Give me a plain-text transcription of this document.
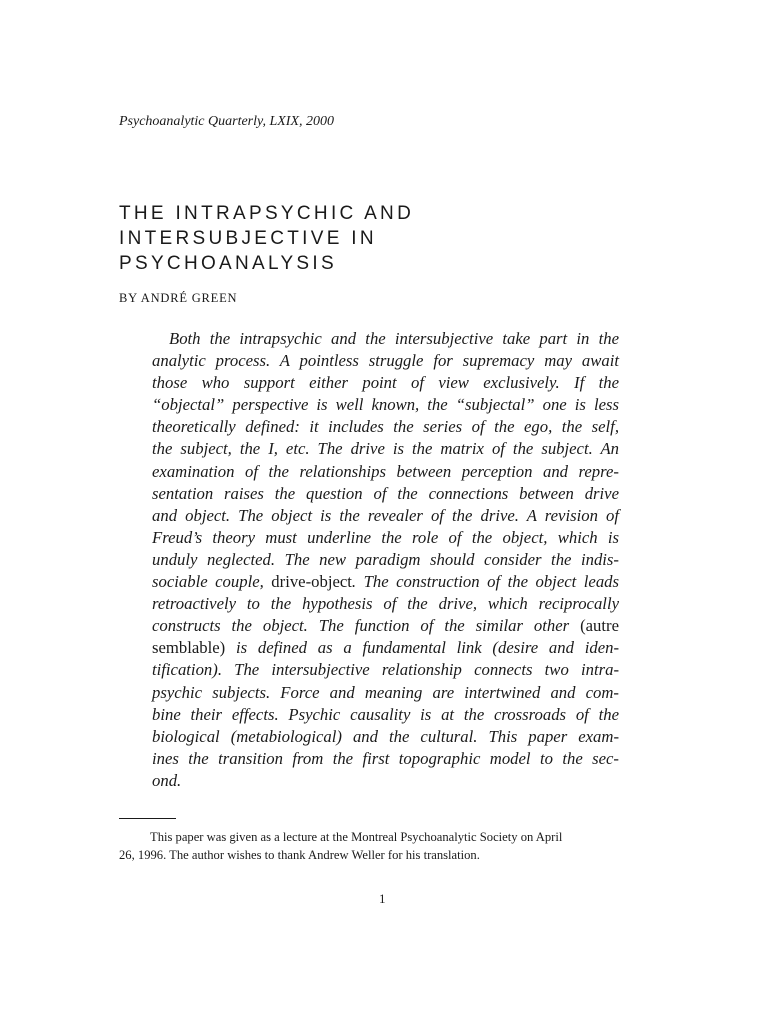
Psychoanalytic Quarterly, LXIX, 2000
THE INTRAPSYCHIC AND
INTERSUBJECTIVE IN
PSYCHOANALYSIS
BY ANDRÉ GREEN
Both the intrapsychic and the intersubjective take part in the
analytic process. A pointless struggle for supremacy may await
those who support either point of view exclusively. If the
“objectal” perspective is well known, the “subjectal” one is less
theoretically defined: it includes the series of the ego, the self,
the subject, the I, etc. The drive is the matrix of the subject. An
examination of the relationships between perception and repre-
sentation raises the question of the connections between drive
and object. The object is the revealer of the drive. A revision of
Freud’s theory must underline the role of the object, which is
unduly neglected. The new paradigm should consider the indis-
sociable couple, drive-object. The construction of the object leads
retroactively to the hypothesis of the drive, which reciprocally
constructs the object. The function of the similar other (autre
semblable) is defined as a fundamental link (desire and iden-
tification). The intersubjective relationship connects two intra-
psychic subjects. Force and meaning are intertwined and com-
bine their effects. Psychic causality is at the crossroads of the
biological (metabiological) and the cultural. This paper exam-
ines the transition from the first topographic model to the sec-
ond.
This paper was given as a lecture at the Montreal Psychoanalytic Society on April
26, 1996. The author wishes to thank Andrew Weller for his translation.
1
